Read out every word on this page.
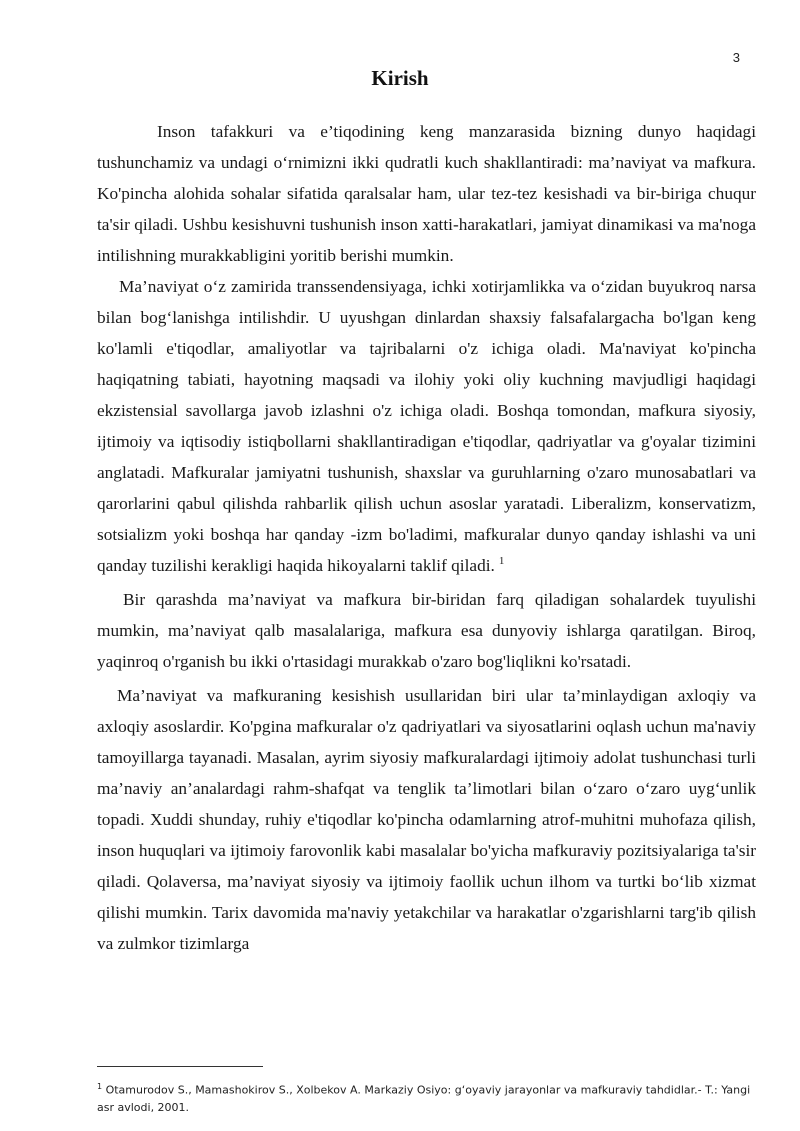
3
Kirish

Inson tafakkuri va e’tiqodining keng manzarasida bizning dunyo haqidagi tushunchamiz va undagi o‘rnimizni ikki qudratli kuch shakllantiradi: ma’naviyat va mafkura. Ko'pincha alohida sohalar sifatida qaralsalar ham, ular tez-tez kesishadi va bir-biriga chuqur ta'sir qiladi. Ushbu kesishuvni tushunish inson xatti-harakatlari, jamiyat dinamikasi va ma'noga intilishning murakkabligini yoritib berishi mumkin.

Ma’naviyat o‘z zamirida transsendensiyaga, ichki xotirjamlikka va o‘zidan buyukroq narsa bilan bog‘lanishga intilishdir. U uyushgan dinlardan shaxsiy falsafalargacha bo'lgan keng ko'lamli e'tiqodlar, amaliyotlar va tajribalarni o'z ichiga oladi. Ma'naviyat ko'pincha haqiqatning tabiati, hayotning maqsadi va ilohiy yoki oliy kuchning mavjudligi haqidagi ekzistensial savollarga javob izlashni o'z ichiga oladi. Boshqa tomondan, mafkura siyosiy, ijtimoiy va iqtisodiy istiqbollarni shakllantiradigan e'tiqodlar, qadriyatlar va g'oyalar tizimini anglatadi. Mafkuralar jamiyatni tushunish, shaxslar va guruhlarning o'zaro munosabatlari va qarorlarini qabul qilishda rahbarlik qilish uchun asoslar yaratadi. Liberalizm, konservatizm, sotsializm yoki boshqa har qanday -izm bo'ladimi, mafkuralar dunyo qanday ishlashi va uni qanday tuzilishi kerakligi haqida hikoyalarni taklif qiladi. $^1$

Bir qarashda ma’naviyat va mafkura bir-biridan farq qiladigan sohalardek tuyulishi mumkin, ma’naviyat qalb masalalariga, mafkura esa dunyoviy ishlarga qaratilgan. Biroq, yaqinroq o'rganish bu ikki o'rtasidagi murakkab o'zaro bog'liqlikni ko'rsatadi.

Ma’naviyat va mafkuraning kesishish usullaridan biri ular ta’minlaydigan axloqiy va axloqiy asoslardir. Ko'pgina mafkuralar o'z qadriyatlari va siyosatlarini oqlash uchun ma'naviy tamoyillarga tayanadi. Masalan, ayrim siyosiy mafkuralardagi ijtimoiy adolat tushunchasi turli ma’naviy an’analardagi rahm-shafqat va tenglik ta’limotlari bilan o‘zaro o‘zaro uyg‘unlik topadi. Xuddi shunday, ruhiy e'tiqodlar ko'pincha odamlarning atrof-muhitni muhofaza qilish, inson huquqlari va ijtimoiy farovonlik kabi masalalar bo'yicha mafkuraviy pozitsiyalariga ta'sir qiladi. Qolaversa, ma’naviyat siyosiy va ijtimoiy faollik uchun ilhom va turtki bo‘lib xizmat qilishi mumkin. Tarix davomida ma'naviy yetakchilar va harakatlar o'zgarishlarni targ'ib qilish va zulmkor tizimlarga

$^1$ Otamurodov S., Mamashokirov S., Xolbekov A. Markaziy Osiyo: g‘oyaviy jarayonlar va mafkuraviy tahdidlar.- T.: Yangi asr avlodi, 2001.
